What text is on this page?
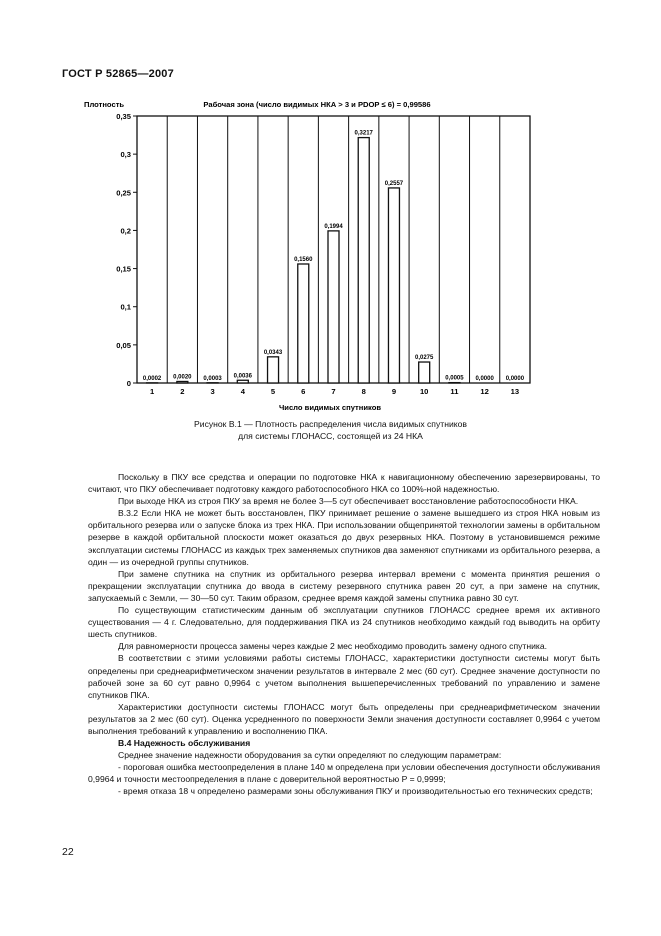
ГОСТ Р 52865—2007
Рабочая зона (число видимых НКА > 3 и PDOP ≤ 6) = 0,99586
Плотность
Число видимых спутников
0,0002 0,0020 0,0003 0,0036
0,0343
0,1560
0,1994
0,3217
0,2557
0,0275
0,0005 0,0000 0,0000
0
0,05
0,1
0,15
0,2
0,25
0,3
0,35
1	2	3	4	5	6	7	8	9	10	11	12	13
Рисунок В.1 — Плотность распределения числа видимых спутников
для системы ГЛОНАСС, состоящей из 24 НКА

Поскольку в ПКУ все средства и операции по подготовке НКА к навигационному обеспечению зарезервированы, то считают, что ПКУ обеспечивает подготовку каждого работоспособного НКА со 100%-ной надежностью.

При выходе НКА из строя ПКУ за время не более 3—5 сут обеспечивает восстановление работоспособности НКА.

В.3.2 Если НКА не может быть восстановлен, ПКУ принимает решение о замене вышедшего из строя НКА новым из орбитального резерва или о запуске блока из трех НКА. При использовании общепринятой технологии замены в орбитальном резерве в каждой орбитальной плоскости может оказаться до двух резервных НКА. Поэтому в установившемся режиме эксплуатации системы ГЛОНАСС из каждых трех заменяемых спутников два заменяют спутниками из орбитального резерва, а один — из очередной группы спутников.

При замене спутника на спутник из орбитального резерва интервал времени с момента принятия решения о прекращении эксплуатации спутника до ввода в систему резервного спутника равен 20 сут, а при замене на спутник, запускаемый с Земли, — 30—50 сут. Таким образом, среднее время каждой замены спутника равно 30 сут.

По существующим статистическим данным об эксплуатации спутников ГЛОНАСС среднее время их активного существования — 4 г. Следовательно, для поддерживания ПКА из 24 спутников необходимо каждый год выводить на орбиту шесть спутников.

Для равномерности процесса замены через каждые 2 мес необходимо проводить замену одного спутника.

В соответствии с этими условиями работы системы ГЛОНАСС, характеристики доступности системы могут быть определены при среднеарифметическом значении результатов в интервале 2 мес (60 сут). Среднее значение доступности по рабочей зоне за 60 сут равно 0,9964 с учетом выполнения вышеперечисленных требований по управлению и замене спутников ПКА.

Характеристики доступности системы ГЛОНАСС могут быть определены при среднеарифметическом значении результатов за 2 мес (60 сут). Оценка усредненного по поверхности Земли значения доступности составляет 0,9964 с учетом выполнения требований к управлению и восполнению ПКА.

В.4 Надежность обслуживания

Среднее значение надежности оборудования за сутки определяют по следующим параметрам:

- пороговая ошибка местоопределения в плане 140 м определена при условии обеспечения доступности обслуживания 0,9964 и точности местоопределения в плане с доверительной вероятностью P = 0,9999;

- время отказа 18 ч определено размерами зоны обслуживания ПКУ и производительностью его технических средств;

22
